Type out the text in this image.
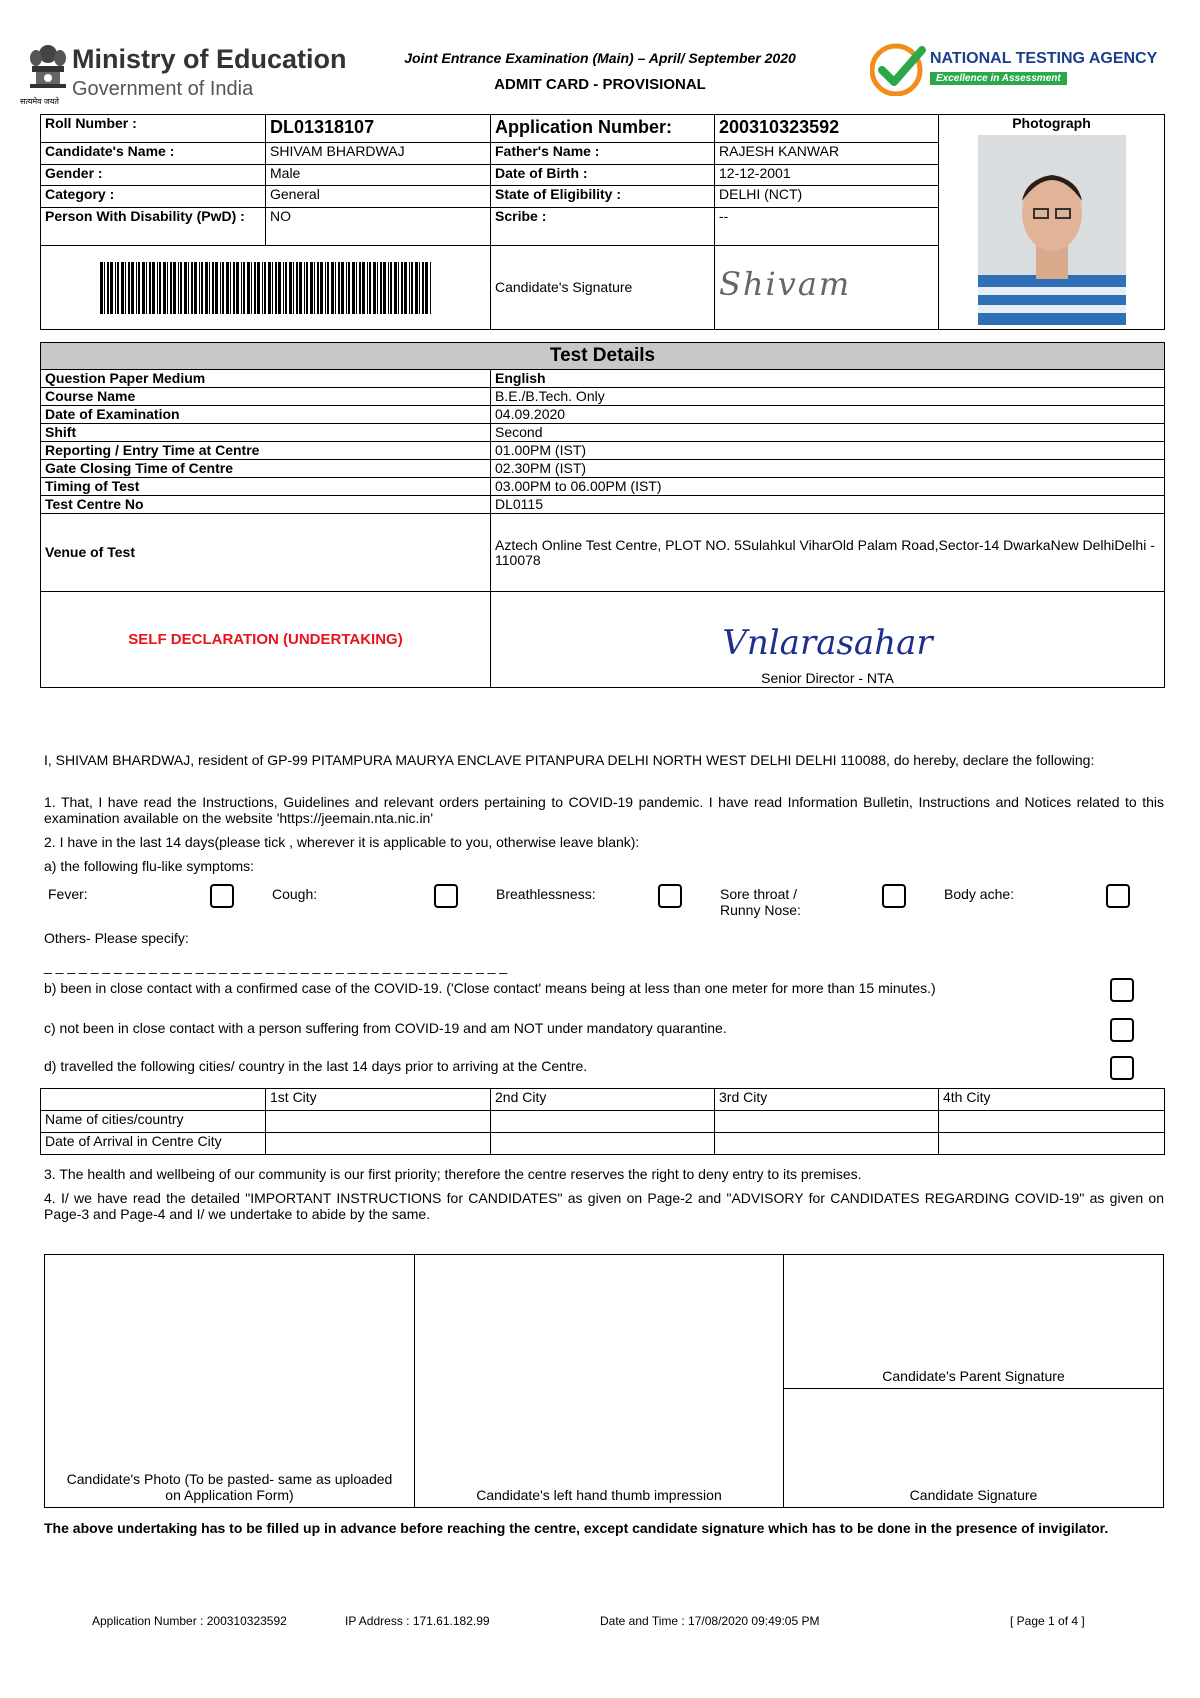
सत्यमेव जयते
Ministry of Education
Government of India
Joint Entrance Examination (Main) – April/ September 2020
ADMIT CARD - PROVISIONAL
NATIONAL TESTING AGENCY
Excellence in Assessment
Roll Number :	DL01318107	Application Number:	200310323592	Photograph

Candidate's Name :	SHIVAM BHARDWAJ	Father's Name :	RAJESH KANWAR	
Gender :	Male	Date of Birth :	12-12-2001	
Category :	General	State of Eligibility :	DELHI (NCT)	
Person With Disability (PwD) :	NO	Scribe :	--	
		Candidate's Signature	Shivam	
Test Details	
Question Paper Medium	English
Course Name	B.E./B.Tech. Only
Date of Examination	04.09.2020
Shift	Second
Reporting / Entry Time at Centre	01.00PM (IST)
Gate Closing Time of Centre	02.30PM (IST)
Timing of Test	03.00PM to 06.00PM (IST)
Test Centre No	DL0115
Venue of Test	Aztech Online Test Centre, PLOT NO. 5Sulahkul ViharOld Palam Road,Sector-14 DwarkaNew DelhiDelhi - 110078
SELF DECLARATION (UNDERTAKING)	Vnlarasahar
Senior Director - NTA
I, SHIVAM BHARDWAJ, resident of GP-99 PITAMPURA MAURYA ENCLAVE PITANPURA DELHI NORTH WEST DELHI DELHI 110088, do hereby, declare the following:
1. That, I have read the Instructions, Guidelines and relevant orders pertaining to COVID-19 pandemic. I have read Information Bulletin, Instructions and Notices related to this examination available on the website 'https://jeemain.nta.nic.in'
2. I have in the last 14 days(please tick , wherever it is applicable to you, otherwise leave blank):
a) the following flu-like symptoms:
Fever:	Cough:	Breathlessness:	Sore throat / Runny Nose:
Body ache:
Others- Please specify:
_ _ _ _ _ _ _ _ _ _ _ _ _ _ _ _ _ _ _ _ _ _ _ _ _ _ _ _ _ _ _ _ _ _ _ _ _ _ _ _
b) been in close contact with a confirmed case of the COVID-19. ('Close contact' means being at less than one meter for more than 15 minutes.)
c) not been in close contact with a person suffering from COVID-19 and am NOT under mandatory quarantine.
d) travelled the following cities/ country in the last 14 days prior to arriving at the Centre.
	1st City	2nd City	3rd City	4th City
Name of cities/country				
Date of Arrival in Centre City				
3. The health and wellbeing of our community is our first priority; therefore the centre reserves the right to deny entry to its premises.
4. I/ we have read the detailed "IMPORTANT INSTRUCTIONS for CANDIDATES" as given on Page-2 and "ADVISORY for CANDIDATES REGARDING COVID-19" as given on Page-3 and Page-4 and I/ we undertake to abide by the same.
Candidate's Photo (To be pasted- same as uploaded on Application Form)	Candidate's left hand thumb impression
Candidate's Parent Signature
Candidate Signature
The above undertaking has to be filled up in advance before reaching the centre, except candidate signature which has to be done in the presence of invigilator.
Application Number : 200310323592	IP Address : 171.61.182.99	Date and Time : 17/08/2020 09:49:05 PM	[ Page 1 of 4 ]
